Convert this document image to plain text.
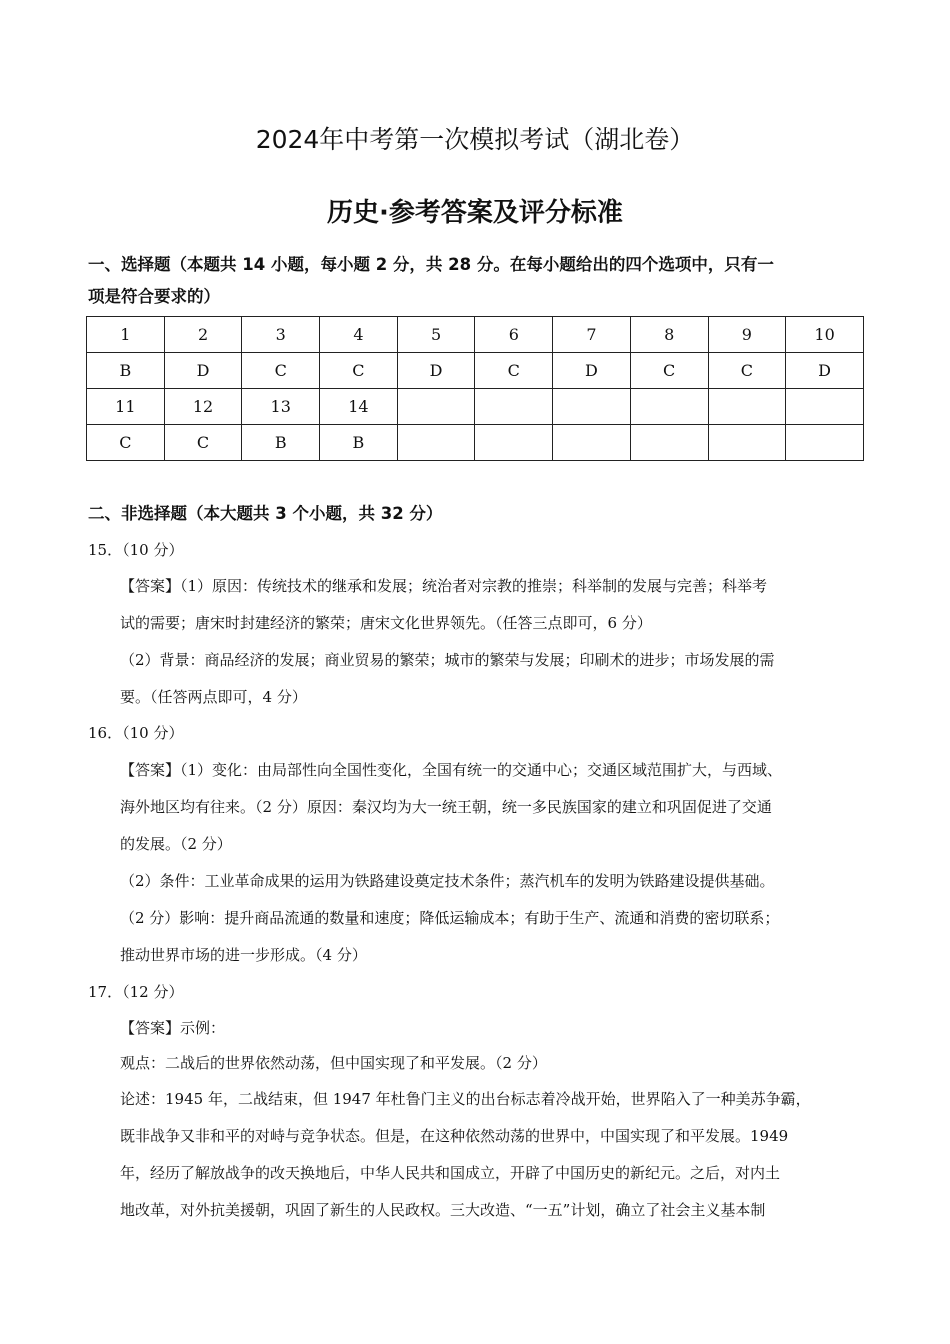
2024年中考第一次模拟考试（湖北卷）
历史·参考答案及评分标准
一、选择题（本题共 14 小题，每小题 2 分，共 28 分。在每小题给出的四个选项中，只有一
项是符合要求的）
1	2	3	4	5	6	7	8	9	10
B	D	C	C	D	C	D	C	C	D
11	12	13	14						
C	C	B	B						
二、非选择题（本大题共 3 个小题，共 32 分）
15．（10 分）
【答案】（1）原因：传统技术的继承和发展；统治者对宗教的推崇；科举制的发展与完善；科举考
试的需要；唐宋时封建经济的繁荣；唐宋文化世界领先。（任答三点即可，6 分）
（2）背景：商品经济的发展；商业贸易的繁荣；城市的繁荣与发展；印刷术的进步；市场发展的需
要。（任答两点即可，4 分）
16．（10 分）
【答案】（1）变化：由局部性向全国性变化，全国有统一的交通中心；交通区域范围扩大，与西域、
海外地区均有往来。（2 分）原因：秦汉均为大一统王朝，统一多民族国家的建立和巩固促进了交通
的发展。（2 分）
（2）条件：工业革命成果的运用为铁路建设奠定技术条件；蒸汽机车的发明为铁路建设提供基础。
（2 分）影响：提升商品流通的数量和速度；降低运输成本；有助于生产、流通和消费的密切联系；
推动世界市场的进一步形成。（4 分）
17．（12 分）
【答案】示例：
观点：二战后的世界依然动荡，但中国实现了和平发展。（2 分）
论述：1945 年，二战结束，但 1947 年杜鲁门主义的出台标志着冷战开始，世界陷入了一种美苏争霸，
既非战争又非和平的对峙与竞争状态。但是，在这种依然动荡的世界中，中国实现了和平发展。1949
年，经历了解放战争的改天换地后，中华人民共和国成立，开辟了中国历史的新纪元。之后，对内土
地改革，对外抗美援朝，巩固了新生的人民政权。三大改造、“一五”计划，确立了社会主义基本制
